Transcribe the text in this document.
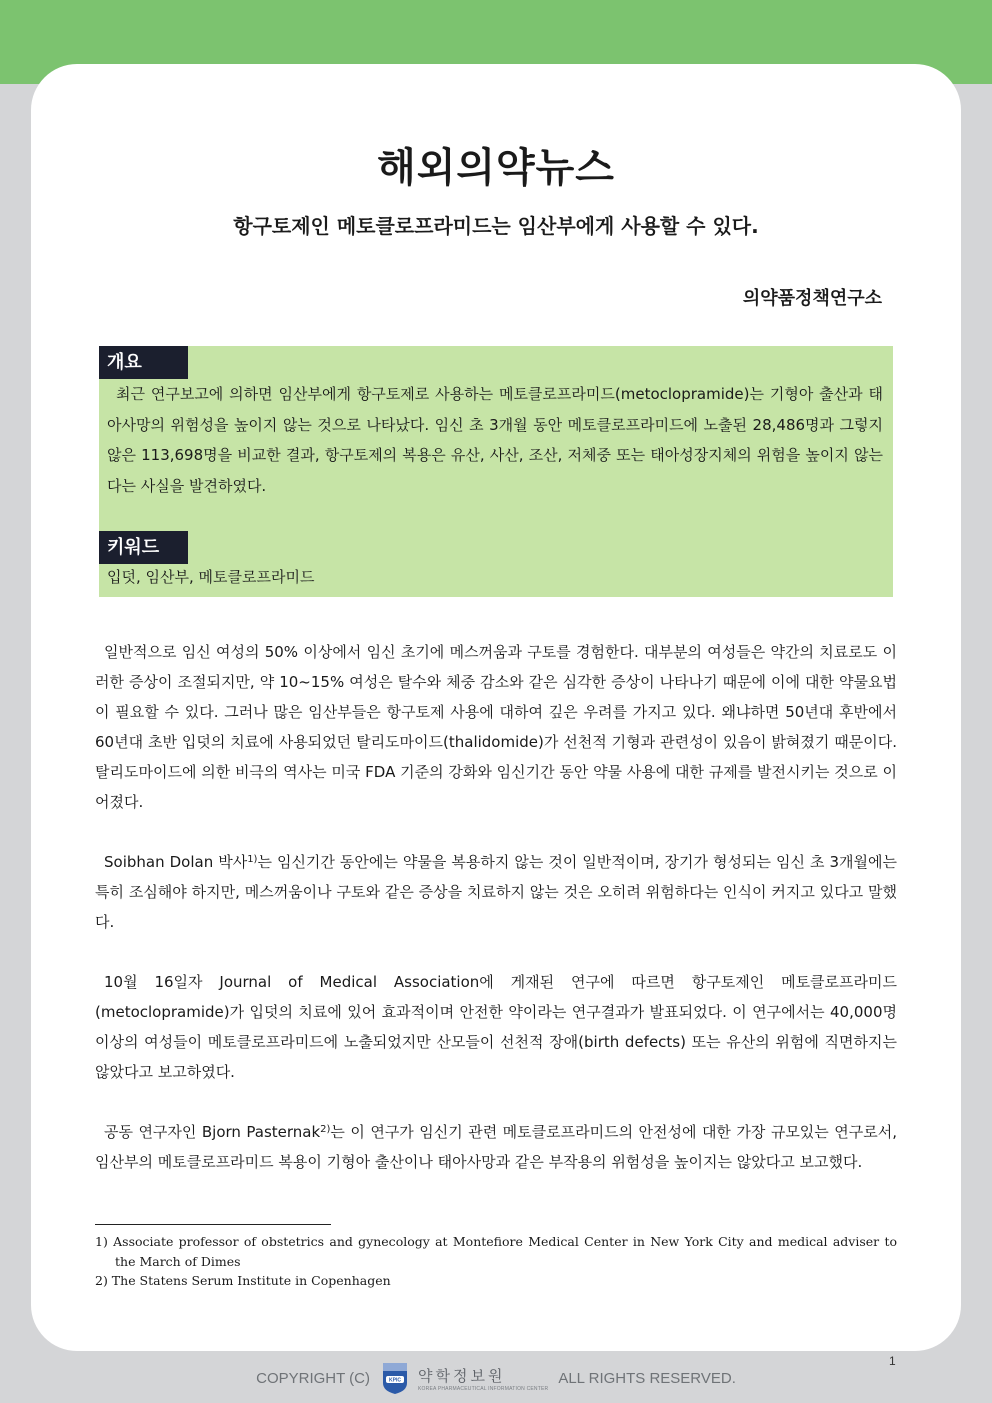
해외의약뉴스
항구토제인 메토클로프라미드는 임산부에게 사용할 수 있다.
의약품정책연구소
개요

최근 연구보고에 의하면 임산부에게 항구토제로 사용하는 메토클로프라미드(metoclopramide)는 기형아 출산과 태아사망의 위험성을 높이지 않는 것으로 나타났다. 임신 초 3개월 동안 메토클로프라미드에 노출된 28,486명과 그렇지 않은 113,698명을 비교한 결과, 항구토제의 복용은 유산, 사산, 조산, 저체중 또는 태아성장지체의 위험을 높이지 않는다는 사실을 발견하였다.

키워드

입덧, 임산부, 메토클로프라미드

일반적으로 임신 여성의 50% 이상에서 임신 초기에 메스꺼움과 구토를 경험한다. 대부분의 여성들은 약간의 치료로도 이러한 증상이 조절되지만, 약 10~15% 여성은 탈수와 체중 감소와 같은 심각한 증상이 나타나기 때문에 이에 대한 약물요법이 필요할 수 있다. 그러나 많은 임산부들은 항구토제 사용에 대하여 깊은 우려를 가지고 있다. 왜냐하면 50년대 후반에서 60년대 초반 입덧의 치료에 사용되었던 탈리도마이드(thalidomide)가 선천적 기형과 관련성이 있음이 밝혀졌기 때문이다. 탈리도마이드에 의한 비극의 역사는 미국 FDA 기준의 강화와 임신기간 동안 약물 사용에 대한 규제를 발전시키는 것으로 이어졌다.

Soibhan Dolan 박사$^{1)}$는 임신기간 동안에는 약물을 복용하지 않는 것이 일반적이며, 장기가 형성되는 임신 초 3개월에는 특히 조심해야 하지만, 메스꺼움이나 구토와 같은 증상을 치료하지 않는 것은 오히려 위험하다는 인식이 커지고 있다고 말했다.

10월 16일자 Journal of Medical Association에 게재된 연구에 따르면 항구토제인 메토클로프라미드(metoclopramide)가 입덧의 치료에 있어 효과적이며 안전한 약이라는 연구결과가 발표되었다. 이 연구에서는 40,000명 이상의 여성들이 메토클로프라미드에 노출되었지만 산모들이 선천적 장애(birth defects) 또는 유산의 위험에 직면하지는 않았다고 보고하였다.

공동 연구자인 Bjorn Pasternak$^{2)}$는 이 연구가 임신기 관련 메토클로프라미드의 안전성에 대한 가장 규모있는 연구로서, 임산부의 메토클로프라미드 복용이 기형아 출산이나 태아사망과 같은 부작용의 위험성을 높이지는 않았다고 보고했다.

1) Associate professor of obstetrics and gynecology at Montefiore Medical Center in New York City and medical adviser to the March of Dimes

2) The Statens Serum Institute in Copenhagen

1
COPYRIGHT (C)	KPIC 약학정보원
KOREA PHARMACEUTICAL INFORMATION CENTER
ALL RIGHTS RESERVED.
